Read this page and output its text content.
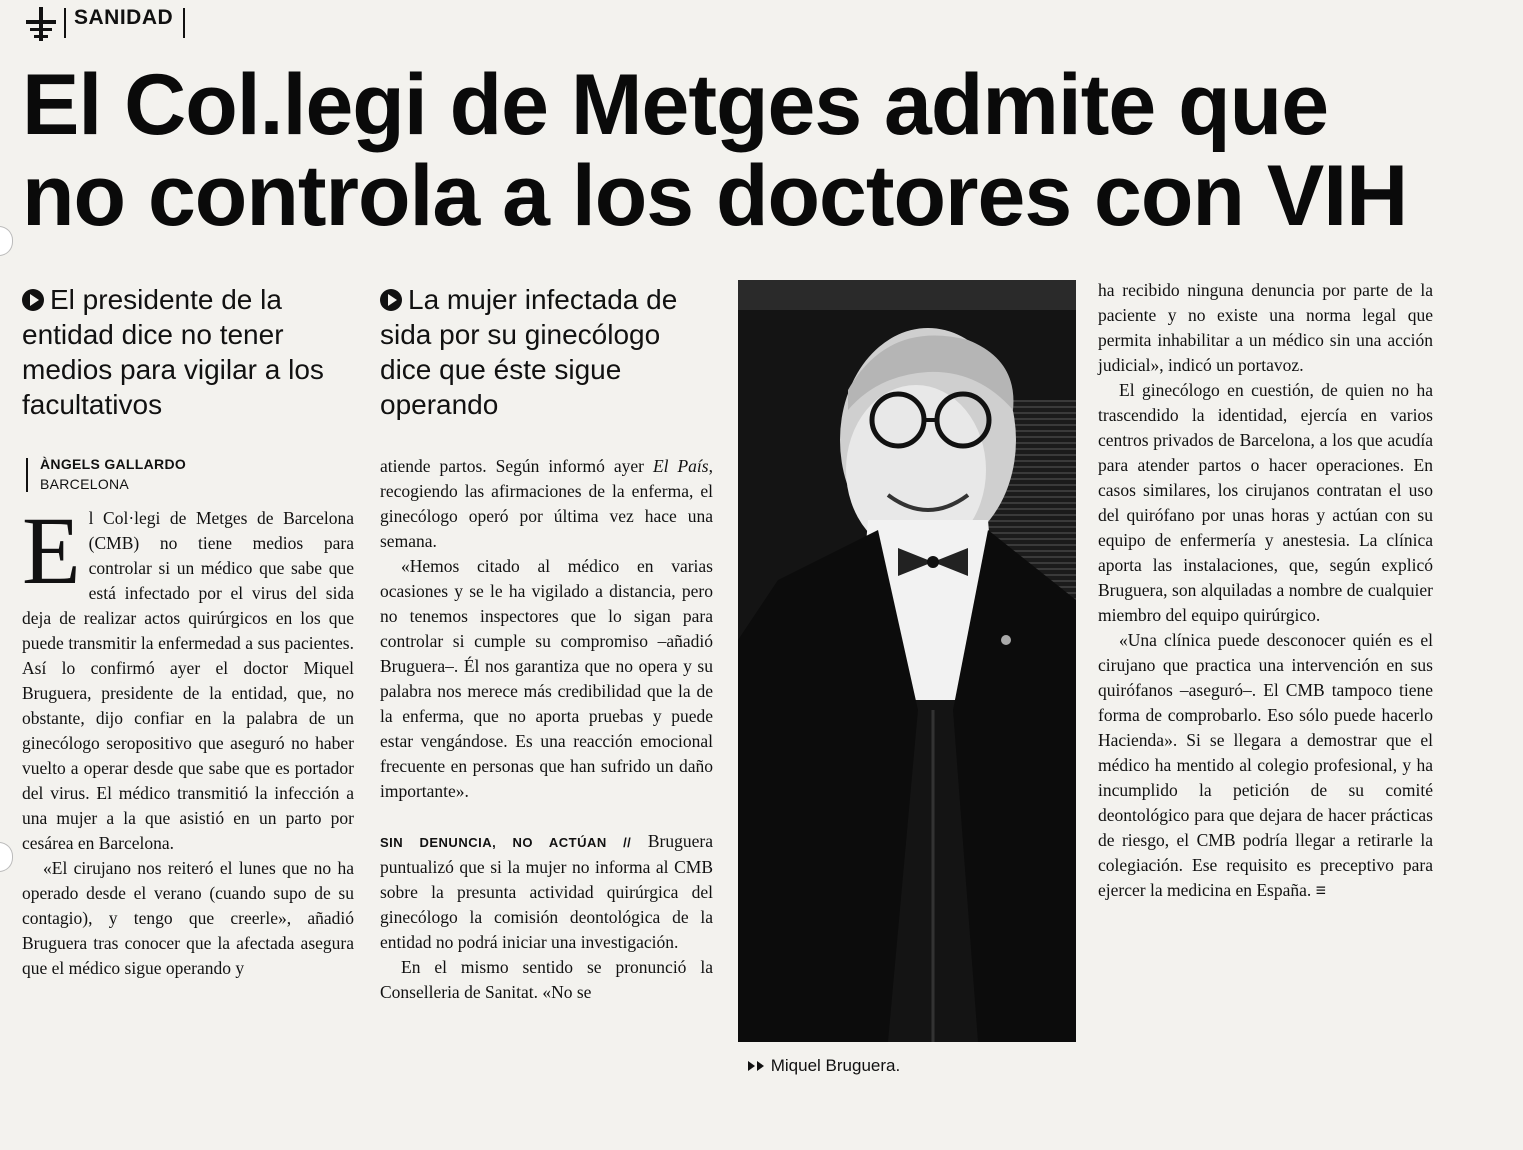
SANIDAD
El Col.legi de Metges admite que
no controla a los doctores con VIH
El presidente de la entidad dice no tener medios para vigilar a los facultativos
La mujer infectada de sida por su ginecólogo dice que éste sigue operando
ÀNGELS GALLARDO
BARCELONA

El Col·legi de Metges de Barcelona (CMB) no tiene medios para controlar si un médico que sabe que está infectado por el virus del sida deja de realizar actos quirúrgicos en los que puede transmitir la enfermedad a sus pacientes. Así lo confirmó ayer el doctor Miquel Bruguera, presidente de la entidad, que, no obstante, dijo confiar en la palabra de un ginecólogo seropositivo que aseguró no haber vuelto a operar desde que sabe que es portador del virus. El médico transmitió la infección a una mujer a la que asistió en un parto por cesárea en Barcelona.

«El cirujano nos reiteró el lunes que no ha operado desde el verano (cuando supo de su contagio), y tengo que creerle», añadió Bruguera tras conocer que la afectada asegura que el médico sigue operando y

atiende partos. Según informó ayer El País, recogiendo las afirmaciones de la enferma, el ginecólogo operó por última vez hace una semana.

«Hemos citado al médico en varias ocasiones y se le ha vigilado a distancia, pero no tenemos inspectores que lo sigan para controlar si cumple su compromiso –añadió Bruguera–. Él nos garantiza que no opera y su palabra nos merece más credibilidad que la de la enferma, que no aporta pruebas y puede estar vengándose. Es una reacción emocional frecuente en personas que han sufrido un daño importante».

SIN DENUNCIA, NO ACTÚAN // Bruguera puntualizó que si la mujer no informa al CMB sobre la presunta actividad quirúrgica del ginecólogo la comisión deontológica de la entidad no podrá iniciar una investigación.

En el mismo sentido se pronunció la Conselleria de Sanitat. «No se

Miquel Bruguera.

ha recibido ninguna denuncia por parte de la paciente y no existe una norma legal que permita inhabilitar a un médico sin una acción judicial», indicó un portavoz.

El ginecólogo en cuestión, de quien no ha trascendido la identidad, ejercía en varios centros privados de Barcelona, a los que acudía para atender partos o hacer operaciones. En casos similares, los cirujanos contratan el uso del quirófano por unas horas y actúan con su equipo de enfermería y anestesia. La clínica aporta las instalaciones, que, según explicó Bruguera, son alquiladas a nombre de cualquier miembro del equipo quirúrgico.

«Una clínica puede desconocer quién es el cirujano que practica una intervención en sus quirófanos –aseguró–. El CMB tampoco tiene forma de comprobarlo. Eso sólo puede hacerlo Hacienda». Si se llegara a demostrar que el médico ha mentido al colegio profesional, y ha incumplido la petición de su comité deontológico para que dejara de hacer prácticas de riesgo, el CMB podría llegar a retirarle la colegiación. Ese requisito es preceptivo para ejercer la medicina en España. ≡
